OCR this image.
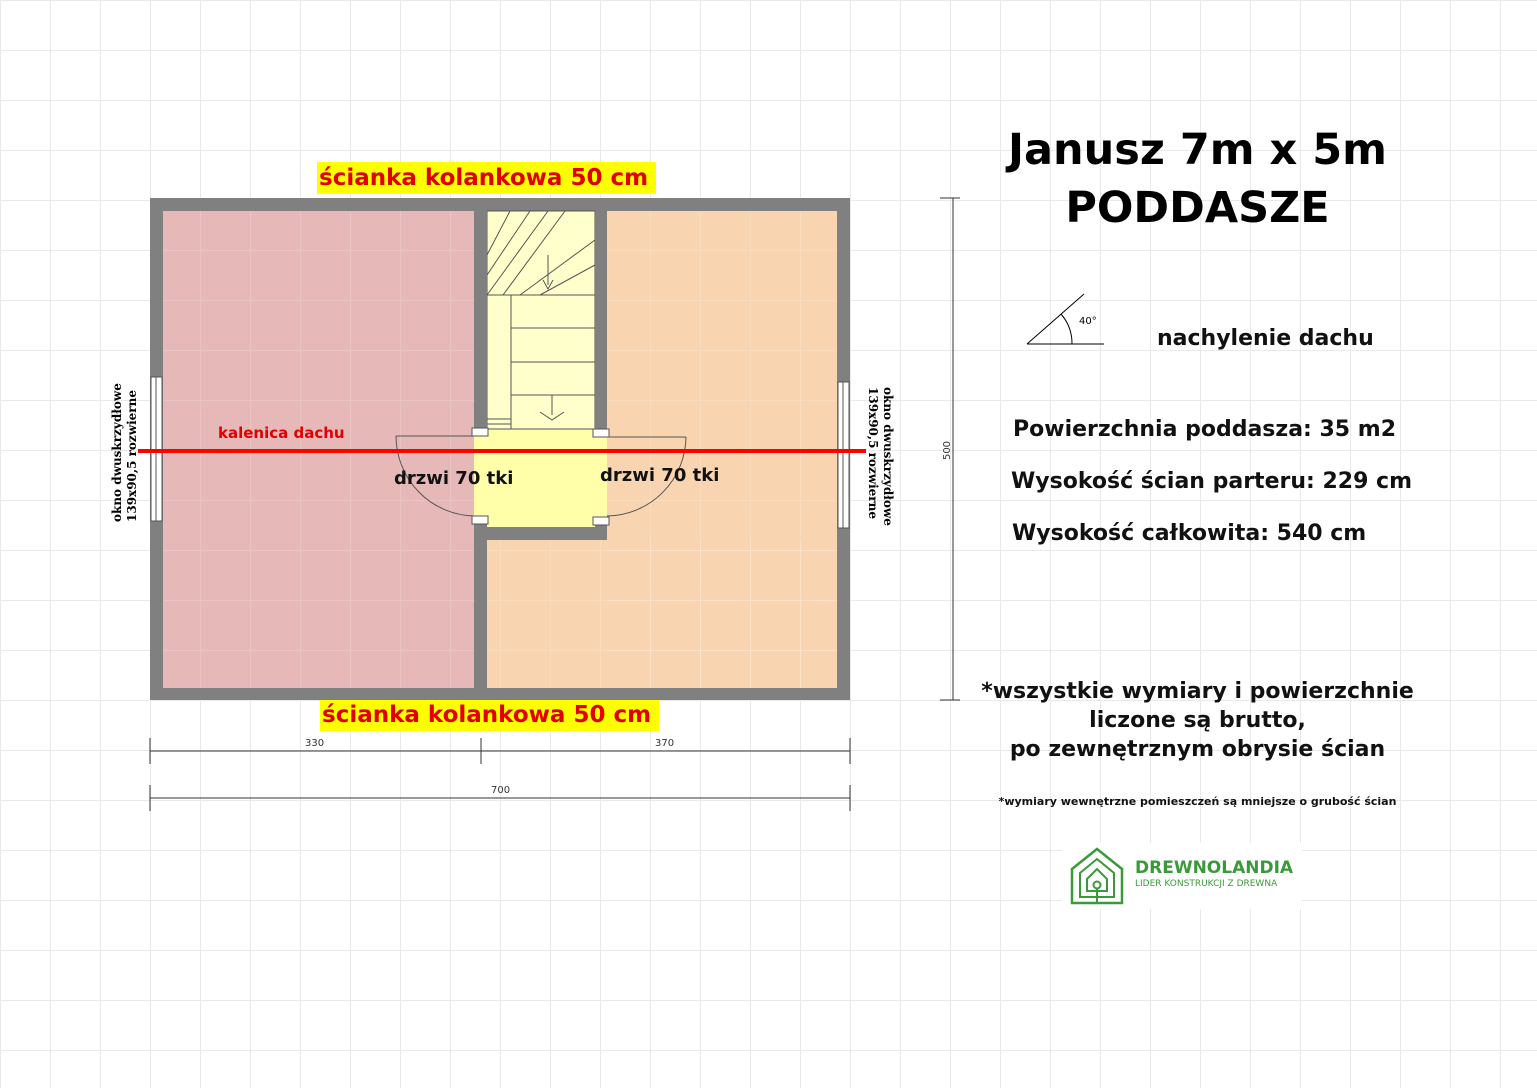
Janusz 7m x 5m
PODDASZE
40°
nachylenie dachu
Powierzchnia poddasza: 35 m2
Wysokość ścian parteru: 229 cm
Wysokość całkowita: 540 cm
*wszystkie wymiary i powierzchnie
liczone są brutto,
po zewnętrznym obrysie ścian
*wymiary wewnętrzne pomieszczeń są mniejsze o grubość ścian
DREWNOLANDIA
LIDER KONSTRUKCJI Z DREWNA
ścianka kolankowa 50 cm
ścianka kolankowa 50 cm
kalenica dachu
500
330	370
700
drzwi 70 tki	drzwi 70 tki
okno dwuskrzydłowe 139x90,5 rozwierne	okno dwuskrzydłowe
139x90,5 rozwierne
